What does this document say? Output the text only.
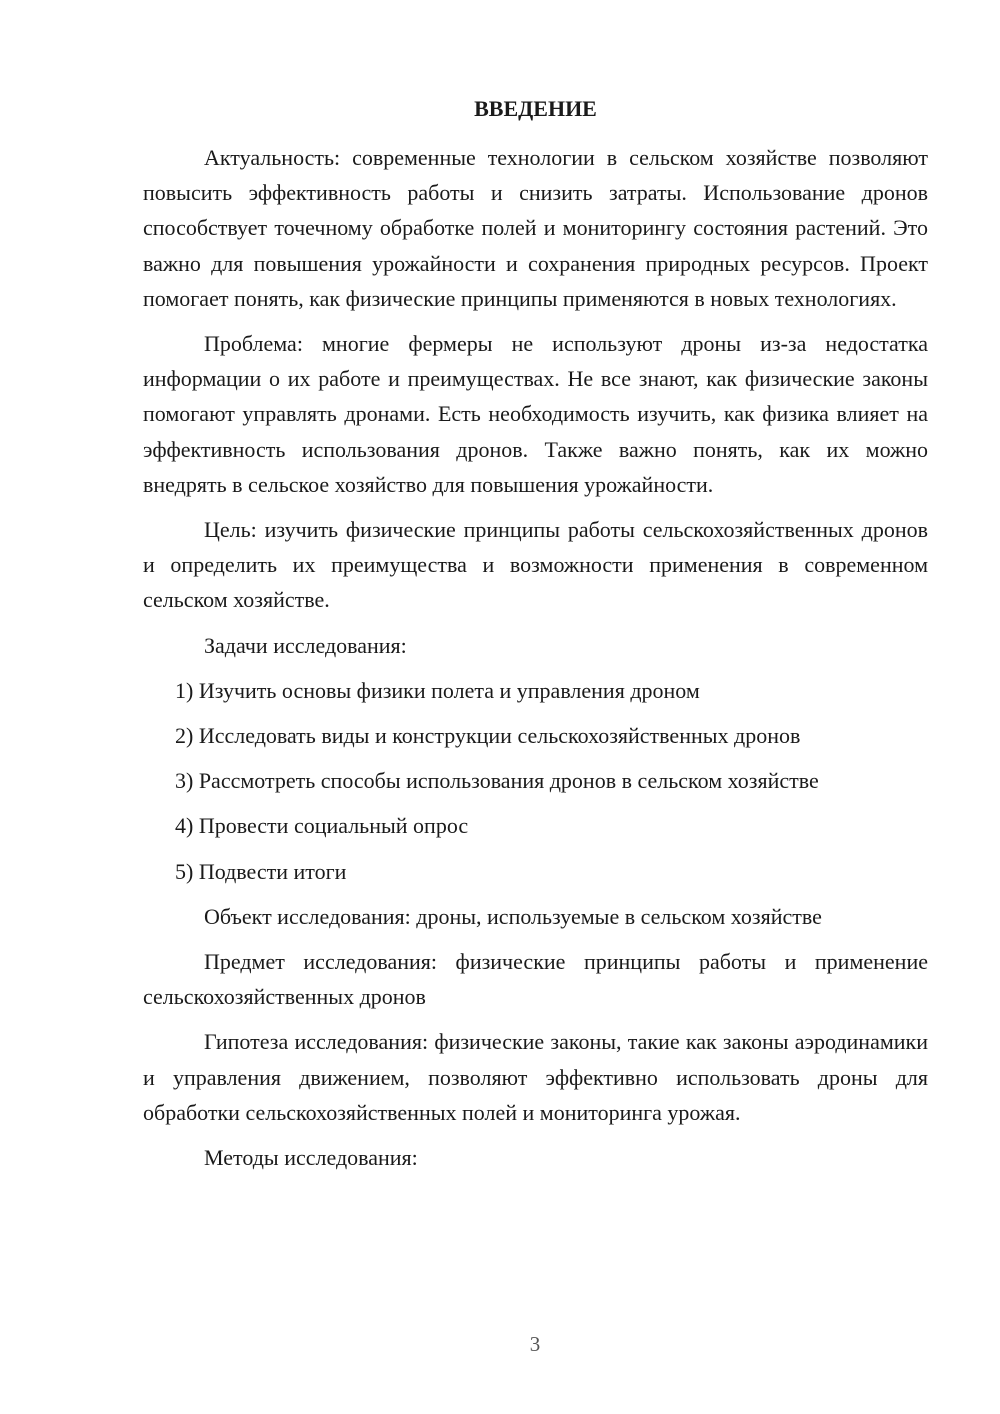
ВВЕДЕНИЕ

Актуальность: современные технологии в сельском хозяйстве позволяют повысить эффективность работы и снизить затраты. Использование дронов способствует точечному обработке полей и мониторингу состояния растений. Это важно для повышения урожайности и сохранения природных ресурсов. Проект помогает понять, как физические принципы применяются в новых технологиях.

Проблема: многие фермеры не используют дроны из-за недостатка информации о их работе и преимуществах. Не все знают, как физические законы помогают управлять дронами. Есть необходимость изучить, как физика влияет на эффективность использования дронов. Также важно понять, как их можно внедрять в сельское хозяйство для повышения урожайности.

Цель: изучить физические принципы работы сельскохозяйственных дронов и определить их преимущества и возможности применения в современном сельском хозяйстве.

Задачи исследования:

1) Изучить основы физики полета и управления дроном
2) Исследовать виды и конструкции сельскохозяйственных дронов
3) Рассмотреть способы использования дронов в сельском хозяйстве
4) Провести социальный опрос
5) Подвести итоги

Объект исследования: дроны, используемые в сельском хозяйстве

Предмет исследования: физические принципы работы и применение сельскохозяйственных дронов

Гипотеза исследования: физические законы, такие как законы аэродинамики и управления движением, позволяют эффективно использовать дроны для обработки сельскохозяйственных полей и мониторинга урожая.

Методы исследования:

3
